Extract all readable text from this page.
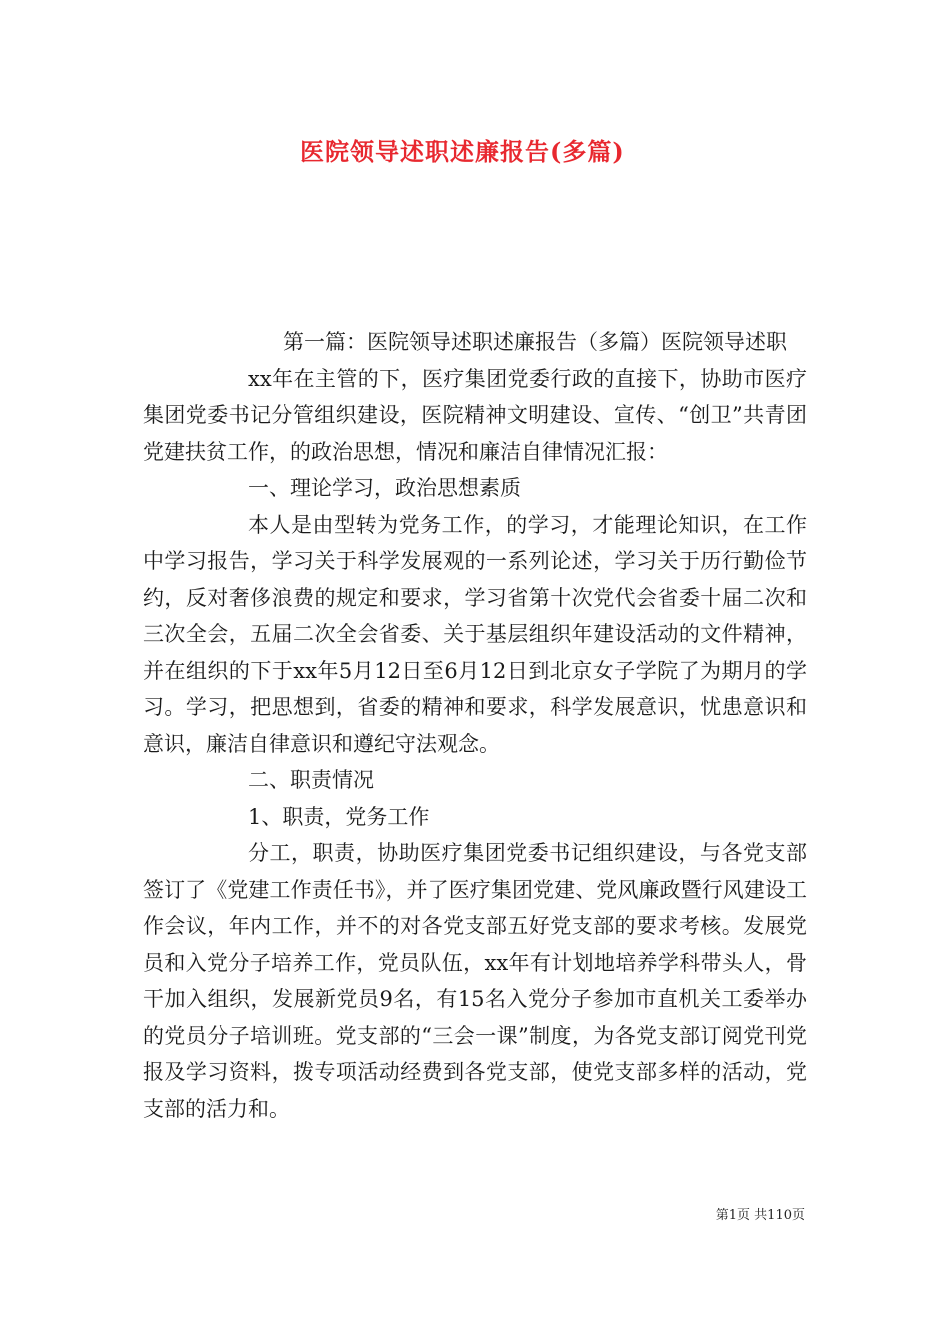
医院领导述职述廉报告(多篇)

第一篇：医院领导述职述廉报告（多篇）医院领导述职

xx年在主管的下，医疗集团党委行政的直接下，协助市医疗集团党委书记分管组织建设，医院精神文明建设、宣传、“创卫”共青团党建扶贫工作，的政治思想，情况和廉洁自律情况汇报：

一、理论学习，政治思想素质

本人是由型转为党务工作，的学习，才能理论知识，在工作中学习报告，学习关于科学发展观的一系列论述，学习关于历行勤俭节约，反对奢侈浪费的规定和要求，学习省第十次党代会省委十届二次和三次全会，五届二次全会省委、关于基层组织年建设活动的文件精神，并在组织的下于xx年5月12日至6月12日到北京女子学院了为期月的学习。学习，把思想到，省委的精神和要求，科学发展意识，忧患意识和意识，廉洁自律意识和遵纪守法观念。

二、职责情况

1、职责，党务工作

分工，职责，协助医疗集团党委书记组织建设，与各党支部签订了《党建工作责任书》，并了医疗集团党建、党风廉政暨行风建设工作会议，年内工作，并不的对各党支部五好党支部的要求考核。发展党员和入党分子培养工作，党员队伍，xx年有计划地培养学科带头人，骨干加入组织，发展新党员9名，有15名入党分子参加市直机关工委举办的党员分子培训班。党支部的“三会一课”制度，为各党支部订阅党刊党报及学习资料，拨专项活动经费到各党支部，使党支部多样的活动，党支部的活力和。

第1页 共110页
